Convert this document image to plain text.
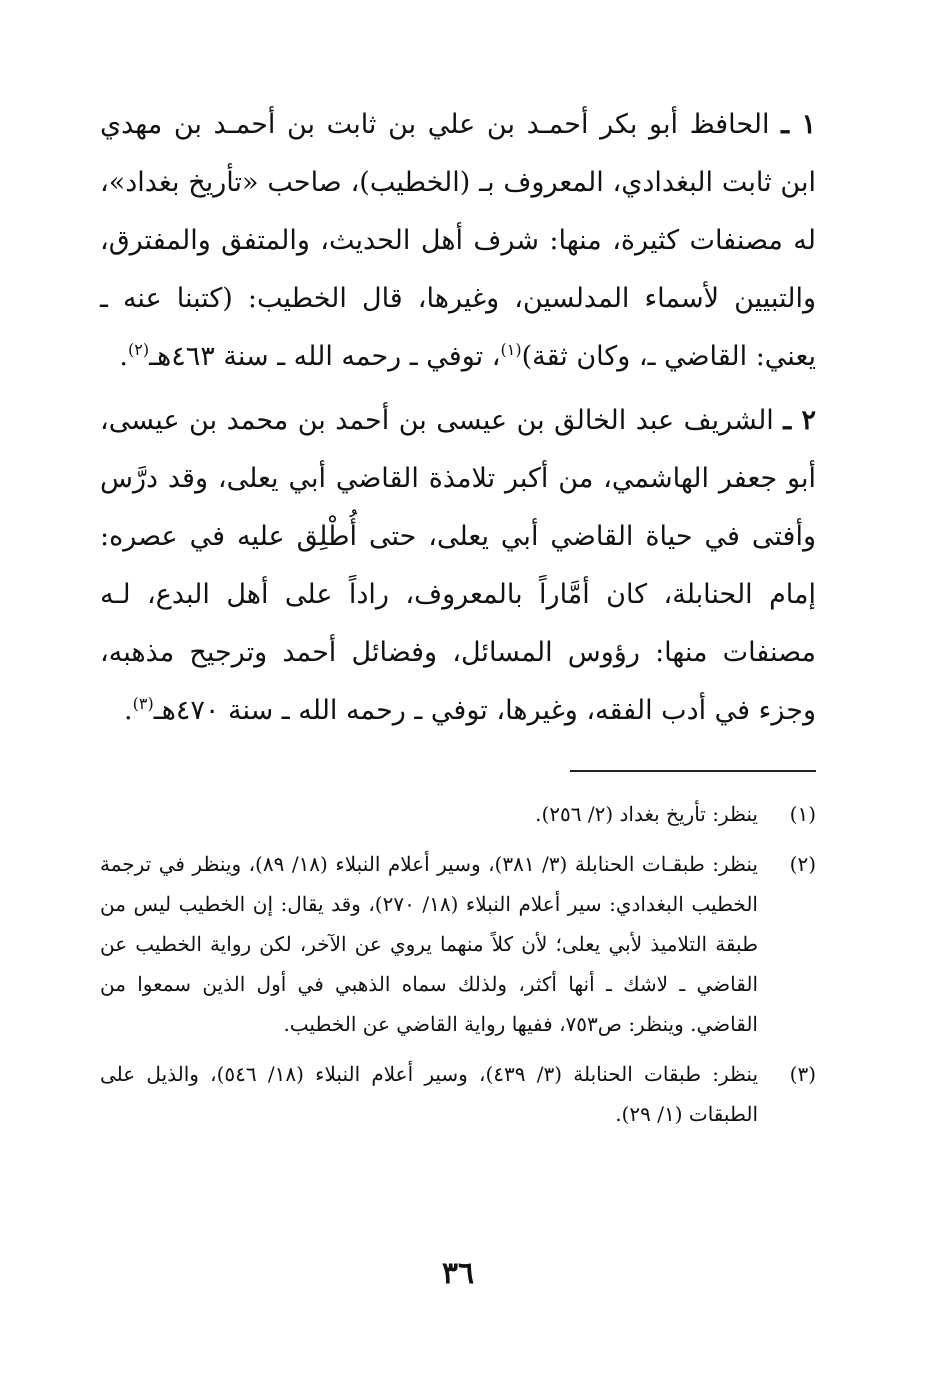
١ ـ الحافظ أبو بكر أحمـد بن علي بن ثابت بن أحمـد بن مهدي ابن ثابت البغدادي، المعروف بـ (الخطيب)، صاحب «تأريخ بغداد»، له مصنفات كثيرة، منها: شرف أهل الحديث، والمتفق والمفترق، والتبيين لأسماء المدلسين، وغيرها، قال الخطيب: (كتبنا عنه ـ يعني: القاضي ـ، وكان ثقة)$^{(١)}$، توفي ـ رحمه الله ـ سنة ٤٦٣هـ$^{(٢)}$.

٢ ـ الشريف عبد الخالق بن عيسى بن أحمد بن محمد بن عيسى، أبو جعفر الهاشمي، من أكبر تلامذة القاضي أبي يعلى، وقد درَّس وأفتى في حياة القاضي أبي يعلى، حتى أُطْلِق عليه في عصره: إمام الحنابلة، كان أمَّاراً بالمعروف، راداً على أهل البدع، لـه مصنفات منها: رؤوس المسائل، وفضائل أحمد وترجيح مذهبه، وجزء في أدب الفقه، وغيرها، توفي ـ رحمه الله ـ سنة ٤٧٠هـ$^{(٣)}$.

(١)
ينظر: تأريخ بغداد (٢/ ٢٥٦).
(٢)
ينظر: طبقـات الحنابلة (٣/ ٣٨١)، وسير أعلام النبلاء (١٨/ ٨٩)، وينظر في ترجمة الخطيب البغدادي: سير أعلام النبلاء (١٨/ ٢٧٠)، وقد يقال: إن الخطيب ليس من طبقة التلاميذ لأبي يعلى؛ لأن كلاً منهما يروي عن الآخر، لكن رواية الخطيب عن القاضي ـ لاشك ـ أنها أكثر، ولذلك سماه الذهبي في أول الذين سمعوا من القاضي. وينظر: ص٧٥٣، ففيها رواية القاضي عن الخطيب.
(٣)
ينظر: طبقات الحنابلة (٣/ ٤٣٩)، وسير أعلام النبلاء (١٨/ ٥٤٦)، والذيل على الطبقات (١/ ٢٩).
٣٦
